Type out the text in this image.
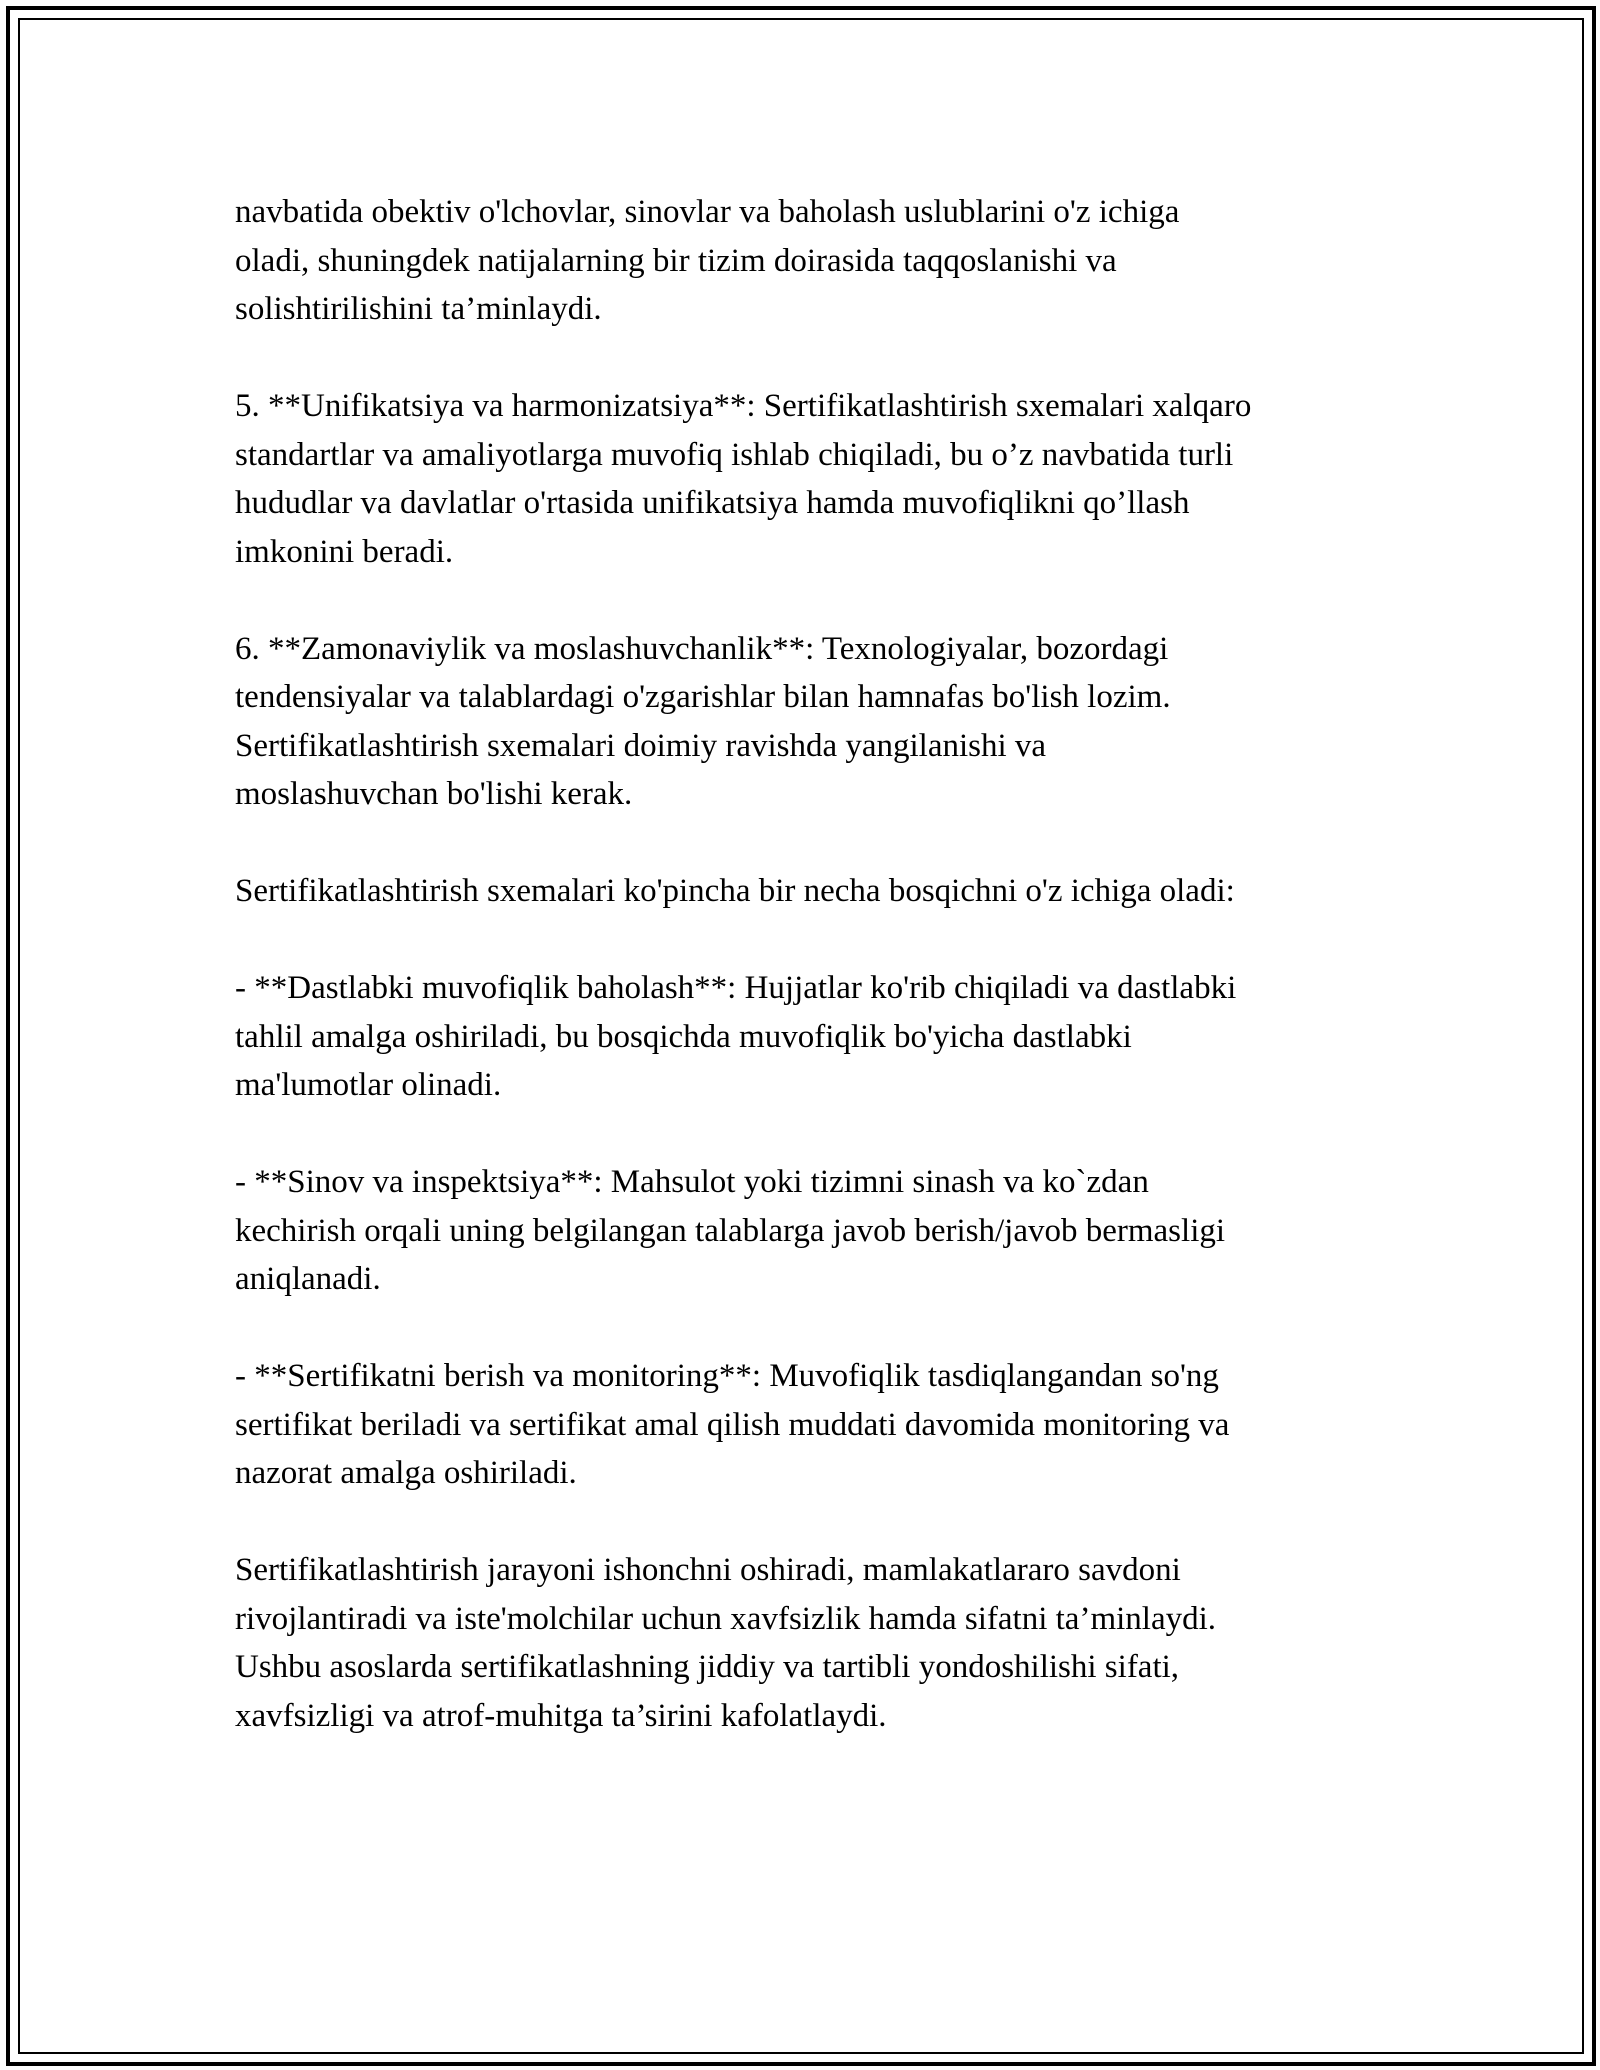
navbatida obektiv o'lchovlar, sinovlar va baholash uslublarini o'z ichiga
oladi, shuningdek natijalarning bir tizim doirasida taqqoslanishi va
solishtirilishini ta’minlaydi.

5. **Unifikatsiya va harmonizatsiya**: Sertifikatlashtirish sxemalari xalqaro
standartlar va amaliyotlarga muvofiq ishlab chiqiladi, bu o’z navbatida turli
hududlar va davlatlar o'rtasida unifikatsiya hamda muvofiqlikni qo’llash
imkonini beradi.

6. **Zamonaviylik va moslashuvchanlik**: Texnologiyalar, bozordagi
tendensiyalar va talablardagi o'zgarishlar bilan hamnafas bo'lish lozim.
Sertifikatlashtirish sxemalari doimiy ravishda yangilanishi va
moslashuvchan bo'lishi kerak.

Sertifikatlashtirish sxemalari ko'pincha bir necha bosqichni o'z ichiga oladi:

- **Dastlabki muvofiqlik baholash**: Hujjatlar ko'rib chiqiladi va dastlabki
tahlil amalga oshiriladi, bu bosqichda muvofiqlik bo'yicha dastlabki
ma'lumotlar olinadi.

- **Sinov va inspektsiya**: Mahsulot yoki tizimni sinash va ko`zdan
kechirish orqali uning belgilangan talablarga javob berish/javob bermasligi
aniqlanadi.

- **Sertifikatni berish va monitoring**: Muvofiqlik tasdiqlangandan so'ng
sertifikat beriladi va sertifikat amal qilish muddati davomida monitoring va
nazorat amalga oshiriladi.

Sertifikatlashtirish jarayoni ishonchni oshiradi, mamlakatlararo savdoni
rivojlantiradi va iste'molchilar uchun xavfsizlik hamda sifatni ta’minlaydi.
Ushbu asoslarda sertifikatlashning jiddiy va tartibli yondoshilishi sifati,
xavfsizligi va atrof-muhitga ta’sirini kafolatlaydi.
